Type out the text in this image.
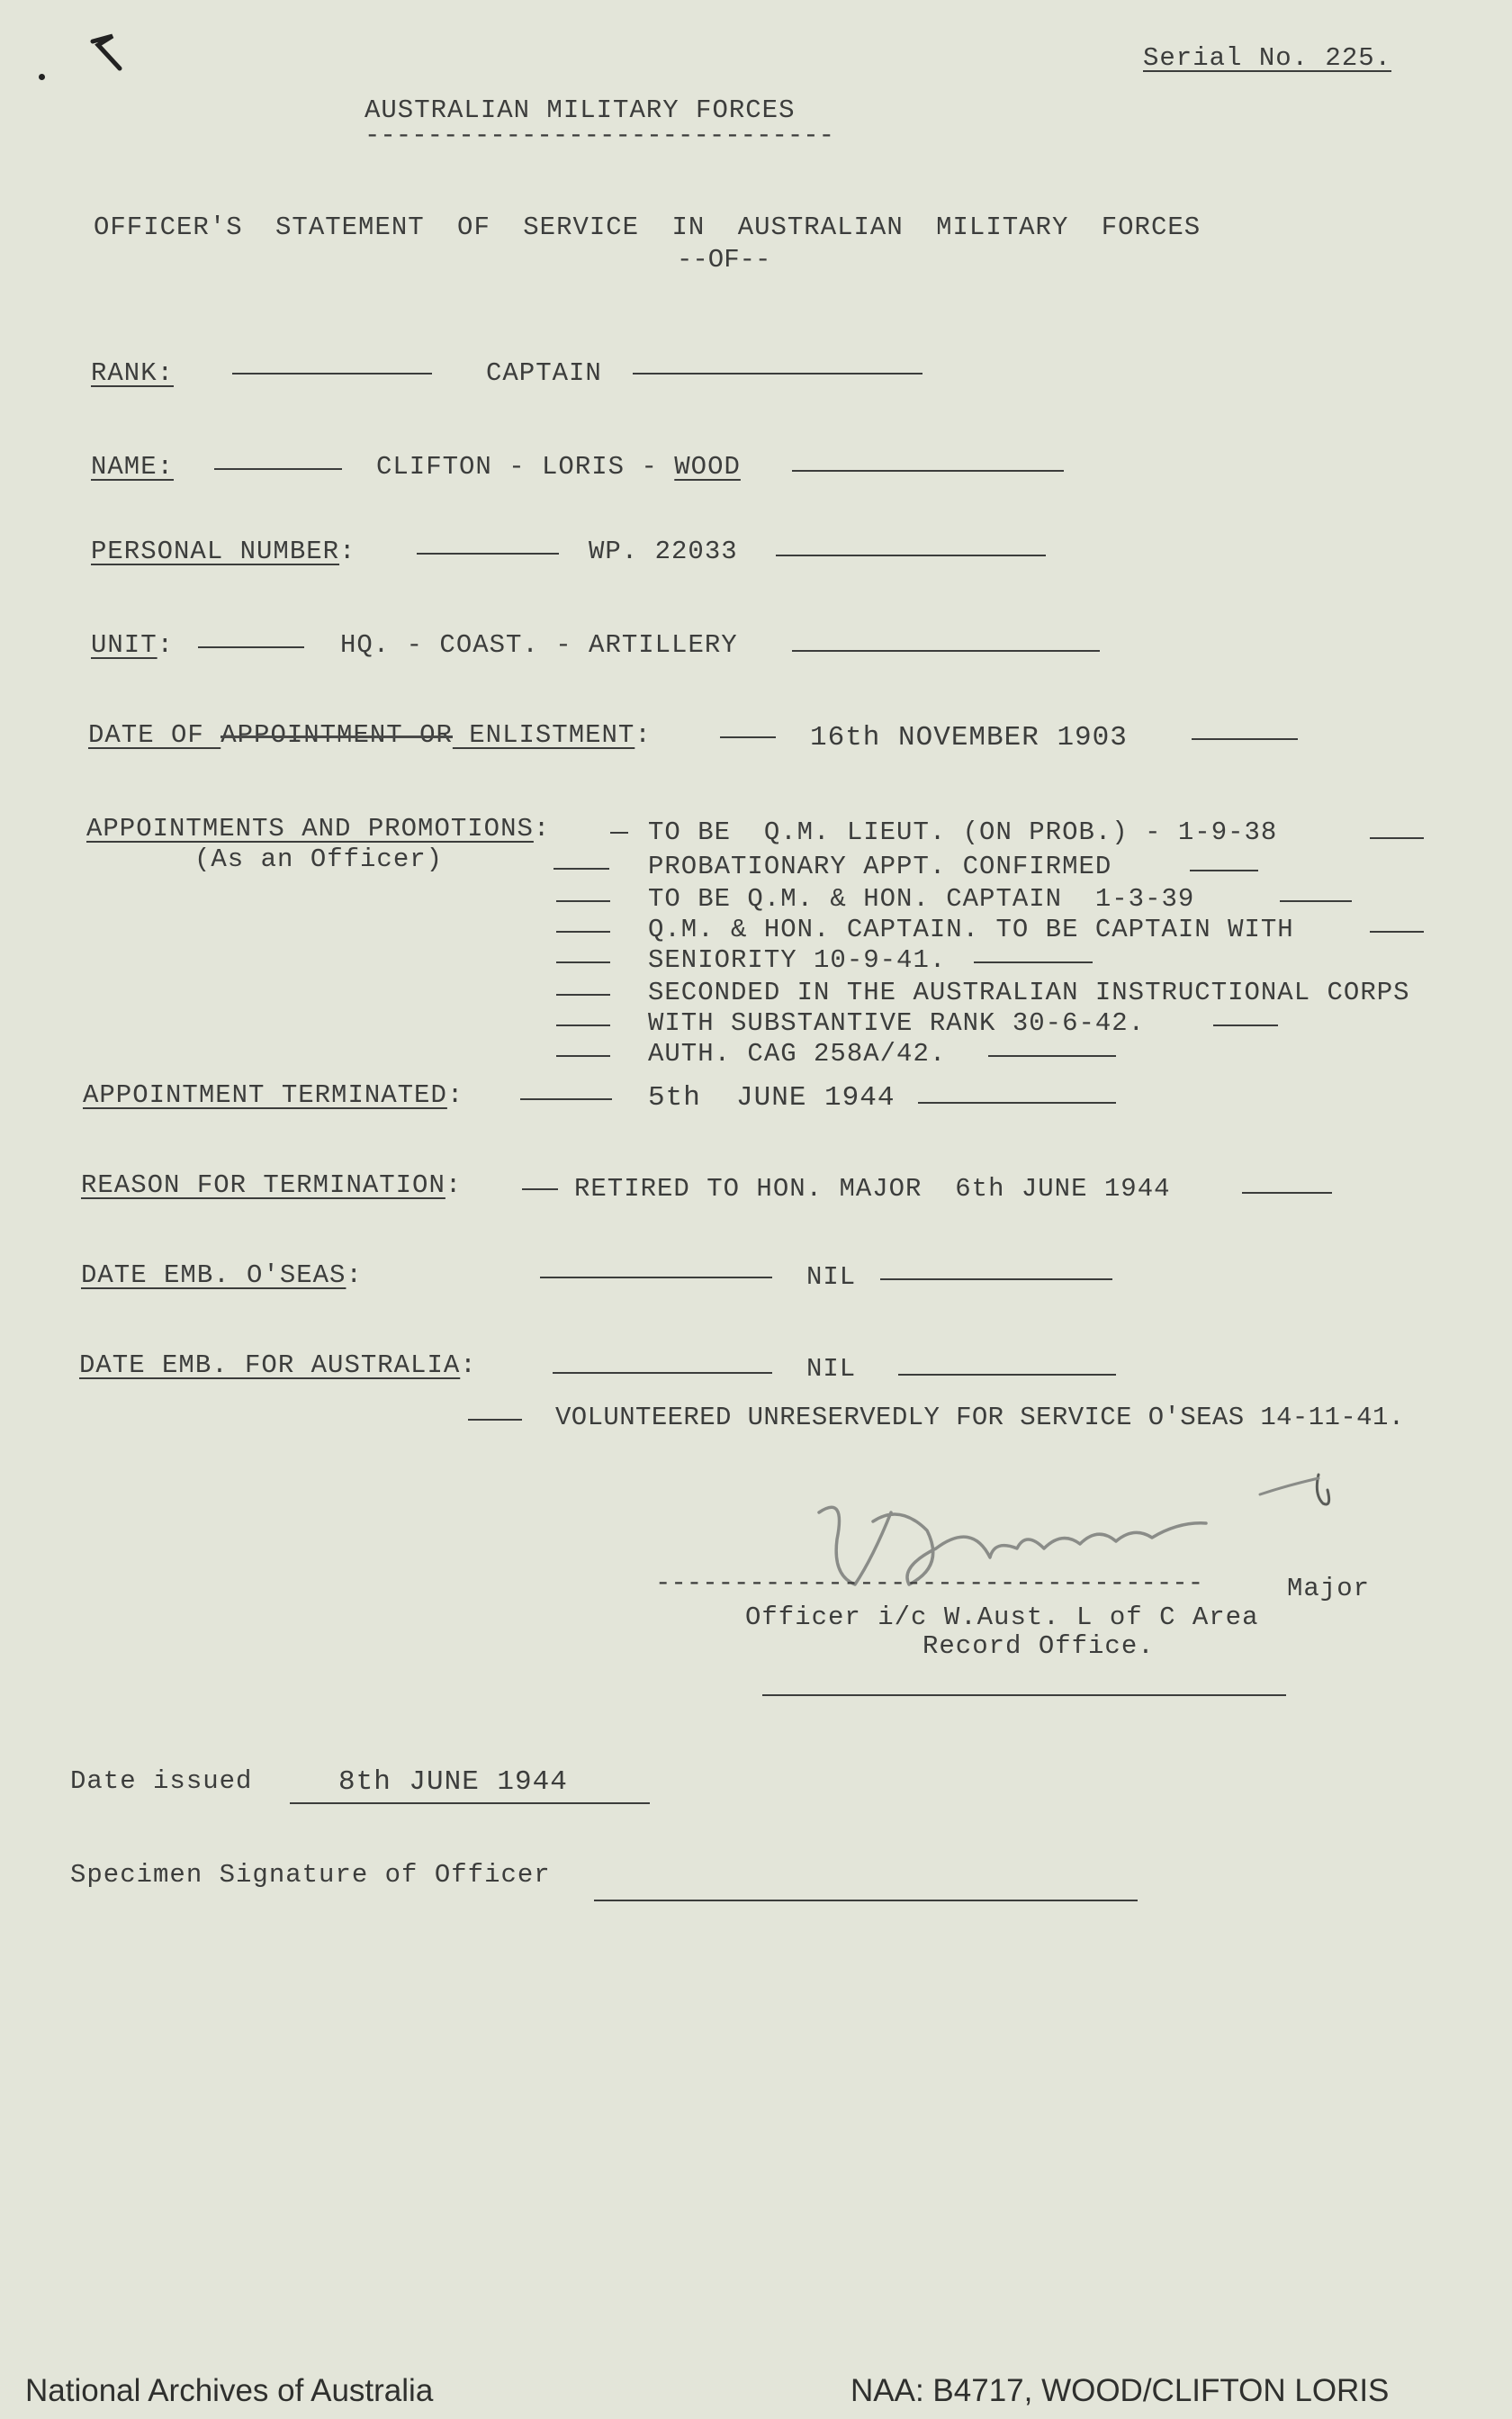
Serial No. 225.
AUSTRALIAN MILITARY FORCES
------------------------------
OFFICER'S STATEMENT OF SERVICE IN AUSTRALIAN MILITARY FORCES
--OF--
RANK:	CAPTAIN
NAME:	CLIFTON - LORIS - WOOD
PERSONAL NUMBER:	WP. 22033
UNIT:	HQ. - COAST. - ARTILLERY
DATE OF APPOINTMENT OR ENLISTMENT:	16th NOVEMBER 1903
APPOINTMENTS AND PROMOTIONS:
(As an Officer)
TO BE  Q.M. LIEUT. (ON PROB.) - 1-9-38
PROBATIONARY APPT. CONFIRMED
TO BE Q.M. & HON. CAPTAIN  1-3-39
Q.M. & HON. CAPTAIN. TO BE CAPTAIN WITH
SENIORITY 10-9-41.
SECONDED IN THE AUSTRALIAN INSTRUCTIONAL CORPS
WITH SUBSTANTIVE RANK 30-6-42.
AUTH. CAG 258A/42.
APPOINTMENT TERMINATED:	5th  JUNE 1944
REASON FOR TERMINATION:	RETIRED TO HON. MAJOR  6th JUNE 1944
DATE EMB. O'SEAS:	NIL
DATE EMB. FOR AUSTRALIA:	NIL
VOLUNTEERED UNRESERVEDLY FOR SERVICE O'SEAS 14-11-41.
-----------------------------------	Major
Officer i/c W.Aust. L of C Area
Record Office.
Date issued	8th JUNE 1944
Specimen Signature of Officer
National Archives of Australia	NAA: B4717, WOOD/CLIFTON LORIS
